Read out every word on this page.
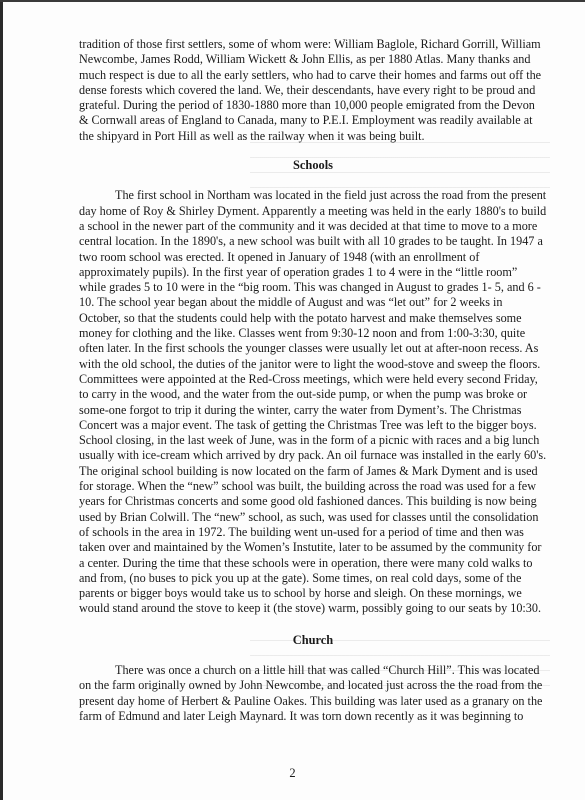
tradition of those first settlers, some of whom were: William Baglole, Richard Gorrill, William Newcombe, James Rodd, William Wickett & John Ellis, as per 1880 Atlas. Many thanks and much respect is due to all the early settlers, who had to carve their homes and farms out off the dense forests which covered the land. We, their descendants, have every right to be proud and grateful. During the period of 1830-1880 more than 10,000 people emigrated from the Devon & Cornwall areas of England to Canada, many to P.E.I. Employment was readily available at the shipyard in Port Hill as well as the railway when it was being built.

Schools

The first school in Northam was located in the field just across the road from the present day home of Roy & Shirley Dyment. Apparently a meeting was held in the early 1880's to build a school in the newer part of the community and it was decided at that time to move to a more central location. In the 1890's, a new school was built with all 10 grades to be taught. In 1947 a two room school was erected. It opened in January of 1948 (with an enrollment of approximately pupils). In the first year of operation grades 1 to 4 were in the “little room” while grades 5 to 10 were in the “big room. This was changed in August to grades 1- 5, and 6 - 10. The school year began about the middle of August and was “let out” for 2 weeks in October, so that the students could help with the potato harvest and make themselves some money for clothing and the like. Classes went from 9:30-12 noon and from 1:00-3:30, quite often later. In the first schools the younger classes were usually let out at after-noon recess. As with the old school, the duties of the janitor were to light the wood-stove and sweep the floors. Committees were appointed at the Red-Cross meetings, which were held every second Friday, to carry in the wood, and the water from the out-side pump, or when the pump was broke or some-one forgot to trip it during the winter, carry the water from Dyment’s. The Christmas Concert was a major event. The task of getting the Christmas Tree was left to the bigger boys. School closing, in the last week of June, was in the form of a picnic with races and a big lunch usually with ice-cream which arrived by dry pack. An oil furnace was installed in the early 60's. The original school building is now located on the farm of James & Mark Dyment and is used for storage. When the “new” school was built, the building across the road was used for a few years for Christmas concerts and some good old fashioned dances. This building is now being used by Brian Colwill. The “new” school, as such, was used for classes until the consolidation of schools in the area in 1972. The building went un-used for a period of time and then was taken over and maintained by the Women’s Instutite, later to be assumed by the community for a center. During the time that these schools were in operation, there were many cold walks to and from, (no buses to pick you up at the gate). Some times, on real cold days, some of the parents or bigger boys would take us to school by horse and sleigh. On these mornings, we would stand around the stove to keep it (the stove) warm, possibly going to our seats by 10:30.

Church

There was once a church on a little hill that was called “Church Hill”. This was located on the farm originally owned by John Newcombe, and located just across the the road from the present day home of Herbert & Pauline Oakes. This building was later used as a granary on the farm of Edmund and later Leigh Maynard. It was torn down recently as it was beginning to

2
